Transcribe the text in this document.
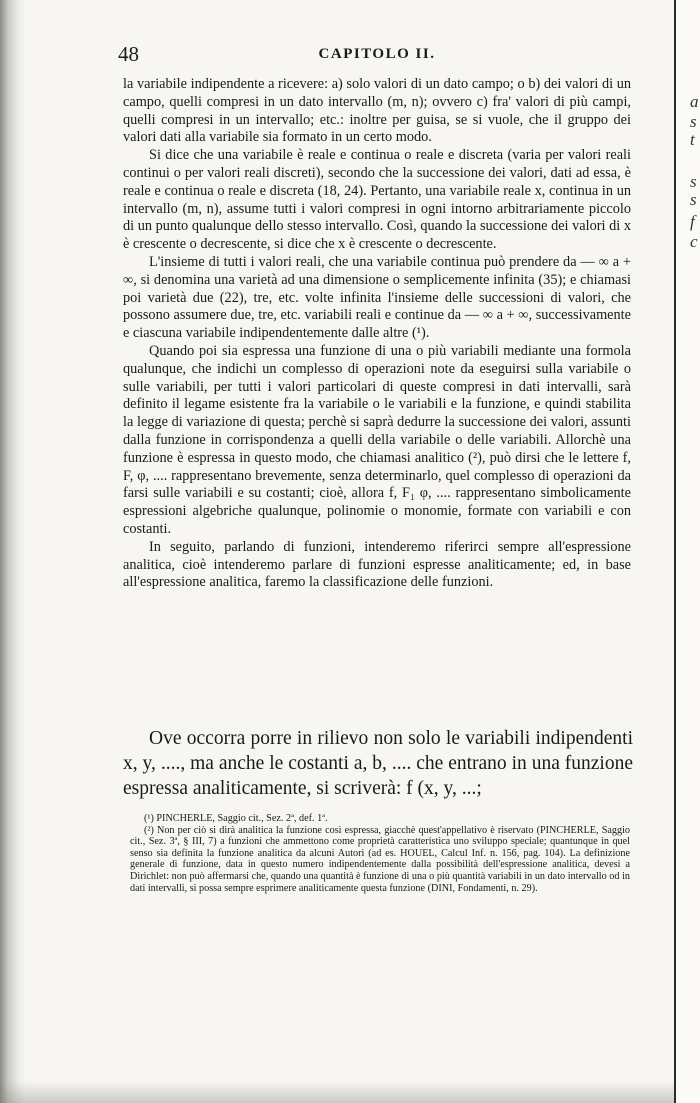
48	CAPITOLO II.

la variabile indipendente a ricevere: a) solo valori di un dato campo; o b) dei valori di un campo, quelli compresi in un dato intervallo (m, n); ovvero c) fra' valori di più campi, quelli compresi in un intervallo; etc.: inoltre per guisa, se si vuole, che il gruppo dei valori dati alla variabile sia formato in un certo modo.

Si dice che una variabile è reale e continua o reale e discreta (varia per valori reali continui o per valori reali discreti), secondo che la successione dei valori, dati ad essa, è reale e continua o reale e discreta (18, 24). Pertanto, una variabile reale x, continua in un intervallo (m, n), assume tutti i valori compresi in ogni intorno arbitrariamente piccolo di un punto qualunque dello stesso intervallo. Così, quando la successione dei valori di x è crescente o decrescente, si dice che x è crescente o decrescente.

L'insieme di tutti i valori reali, che una variabile continua può prendere da — ∞ a + ∞, si denomina una varietà ad una dimensione o semplicemente infinita (35); e chiamasi poi varietà due (22), tre, etc. volte infinita l'insieme delle successioni di valori, che possono assumere due, tre, etc. variabili reali e continue da — ∞ a + ∞, successivamente e ciascuna variabile indipendentemente dalle altre (¹).

Quando poi sia espressa una funzione di una o più variabili mediante una formola qualunque, che indichi un complesso di operazioni note da eseguirsi sulla variabile o sulle variabili, per tutti i valori particolari di queste compresi in dati intervalli, sarà definito il legame esistente fra la variabile o le variabili e la funzione, e quindi stabilita la legge di variazione di questa; perchè si saprà dedurre la successione dei valori, assunti dalla funzione in corrispondenza a quelli della variabile o delle variabili. Allorchè una funzione è espressa in questo modo, che chiamasi analitico (²), può dirsi che le lettere f, F, φ, .... rappresentano brevemente, senza determinarlo, quel complesso di operazioni da farsi sulle variabili e su costanti; cioè, allora f, F₁ φ, .... rappresentano simbolicamente espressioni algebriche qualunque, polinomie o monomie, formate con variabili e con costanti.

In seguito, parlando di funzioni, intenderemo riferirci sempre all'espressione analitica, cioè intenderemo parlare di funzioni espresse analiticamente; ed, in base all'espressione analitica, faremo la classificazione delle funzioni.

Ove occorra porre in rilievo non solo le variabili indipendenti x, y, ...., ma anche le costanti a, b, .... che entrano in una funzione espressa analiticamente, si scriverà: f (x, y, ...;

(¹) PINCHERLE, Saggio cit., Sez. 2ª, def. 1ª.

(²) Non per ciò si dirà analitica la funzione così espressa, giacchè quest'appellativo è riservato (PINCHERLE, Saggio cit., Sez. 3ª, § III, 7) a funzioni che ammettono come proprietà caratteristica uno sviluppo speciale; quantunque in quel senso sia definita la funzione analitica da alcuni Autori (ad es. HOUEL, Calcul Inf. n. 156, pag. 104). La definizione generale di funzione, data in questo numero indipendentemente dalla possibilità dell'espressione analitica, devesi a Dirichlet: non può affermarsi che, quando una quantità è funzione di una o più quantità variabili in un dato intervallo od in dati intervalli, si possa sempre esprimere analiticamente questa funzione (DINI, Fondamenti, n. 29).

a
s
t
s
s
f
c
